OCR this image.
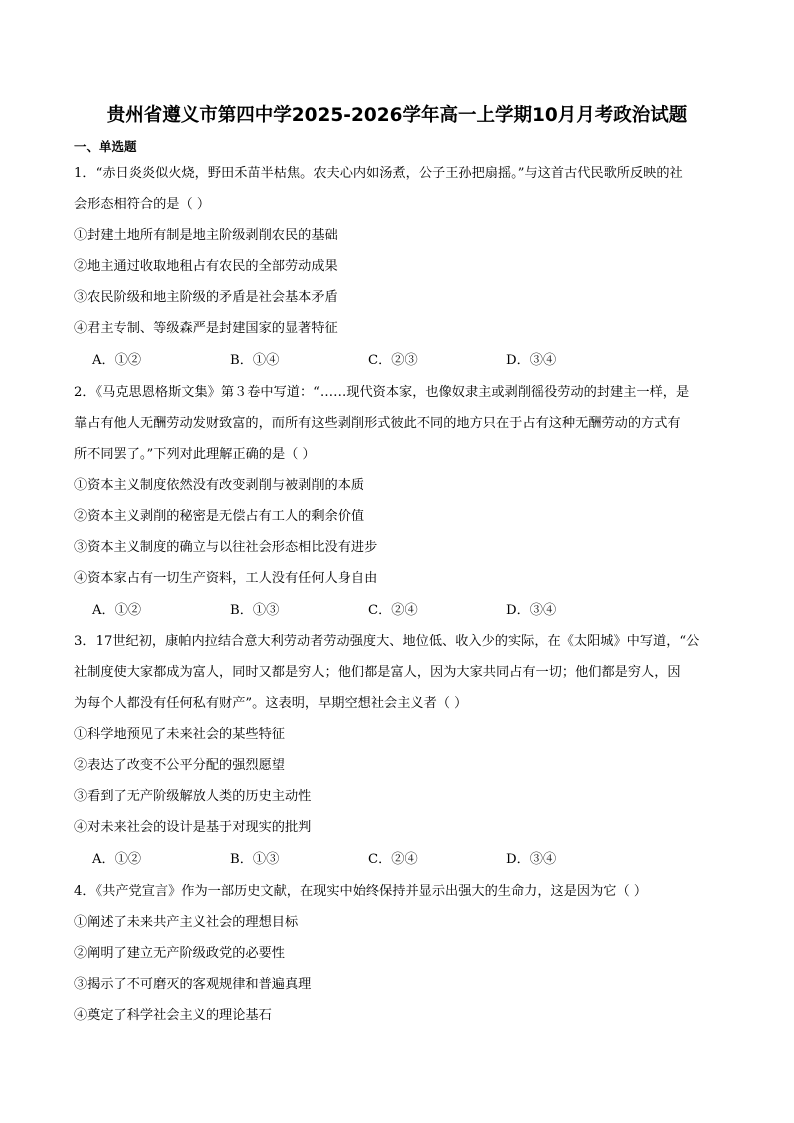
贵州省遵义市第四中学2025-2026学年高一上学期10月月考政治试题
一、单选题
1．“赤日炎炎似火烧，野田禾苗半枯焦。农夫心内如汤煮，公子王孙把扇摇。”与这首古代民歌所反映的社
会形态相符合的是（ ）
①封建土地所有制是地主阶级剥削农民的基础
②地主通过收取地租占有农民的全部劳动成果
③农民阶级和地主阶级的矛盾是社会基本矛盾
④君主专制、等级森严是封建国家的显著特征
A．①②	B．①④	C．②③	D．③④
2．《马克思恩格斯文集》第３卷中写道：“……现代资本家，也像奴隶主或剥削徭役劳动的封建主一样，是
靠占有他人无酬劳动发财致富的，而所有这些剥削形式彼此不同的地方只在于占有这种无酬劳动的方式有
所不同罢了。”下列对此理解正确的是（ ）
①资本主义制度依然没有改变剥削与被剥削的本质
②资本主义剥削的秘密是无偿占有工人的剩余价值
③资本主义制度的确立与以往社会形态相比没有进步
④资本家占有一切生产资料，工人没有任何人身自由
A．①②	B．①③	C．②④	D．③④
3．17世纪初，康帕内拉结合意大利劳动者劳动强度大、地位低、收入少的实际，在《太阳城》中写道，“公
社制度使大家都成为富人，同时又都是穷人；他们都是富人，因为大家共同占有一切；他们都是穷人，因
为每个人都没有任何私有财产”。这表明，早期空想社会主义者（ ）
①科学地预见了未来社会的某些特征
②表达了改变不公平分配的强烈愿望
③看到了无产阶级解放人类的历史主动性
④对未来社会的设计是基于对现实的批判
A．①②	B．①③	C．②④	D．③④
4．《共产党宣言》作为一部历史文献，在现实中始终保持并显示出强大的生命力，这是因为它（ ）
①阐述了未来共产主义社会的理想目标
②阐明了建立无产阶级政党的必要性
③揭示了不可磨灭的客观规律和普遍真理
④奠定了科学社会主义的理论基石
